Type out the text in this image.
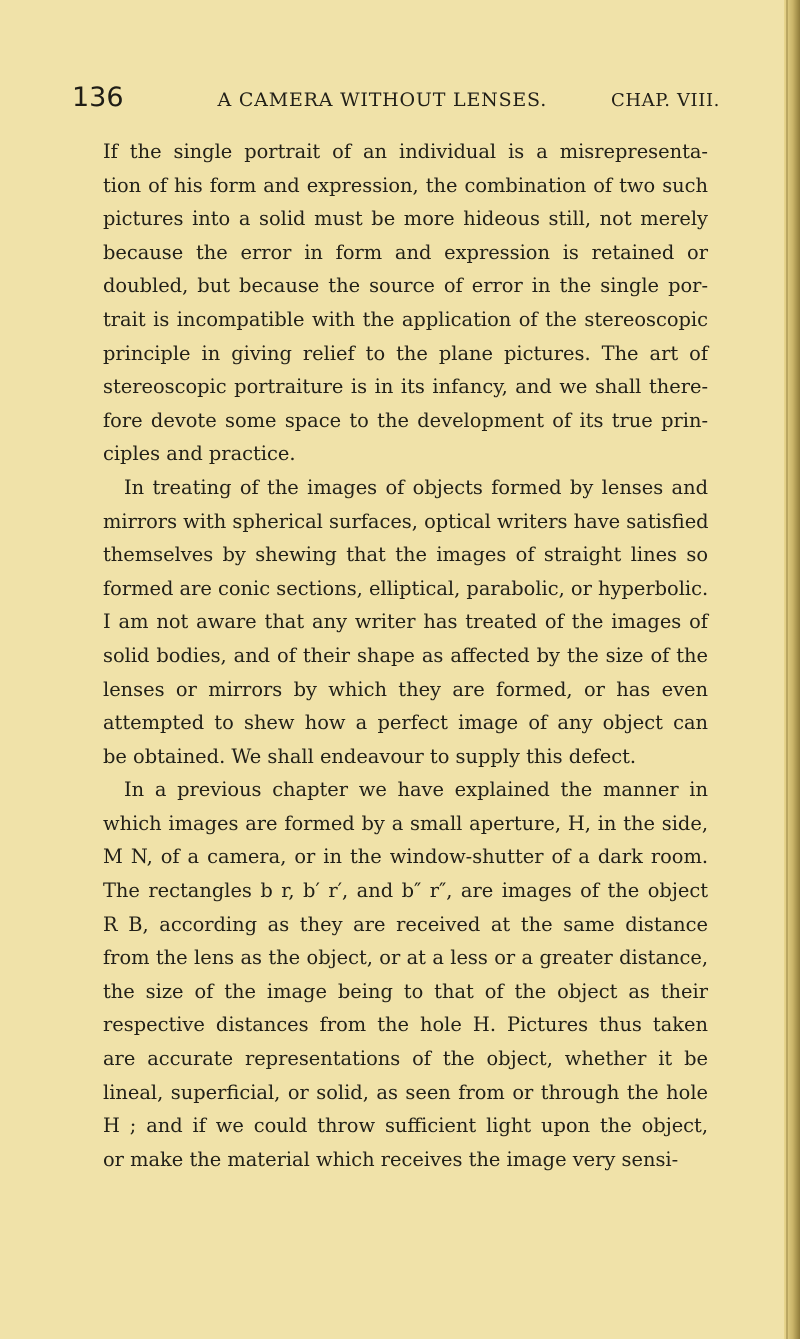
136	A CAMERA WITHOUT LENSES.	CHAP. VIII.

If the single portrait of an individual is a misrepresenta-
tion of his form and expression, the combination of two such
pictures into a solid must be more hideous still, not merely
because the error in form and expression is retained or
doubled, but because the source of error in the single por-
trait is incompatible with the application of the stereoscopic
principle in giving relief to the plane pictures. The art of
stereoscopic portraiture is in its infancy, and we shall there-
fore devote some space to the development of its true prin-
ciples and practice.

In treating of the images of objects formed by lenses and
mirrors with spherical surfaces, optical writers have satisfied
themselves by shewing that the images of straight lines so
formed are conic sections, elliptical, parabolic, or hyperbolic.
I am not aware that any writer has treated of the images of
solid bodies, and of their shape as affected by the size of the
lenses or mirrors by which they are formed, or has even
attempted to shew how a perfect image of any object can
be obtained. We shall endeavour to supply this defect.

In a previous chapter we have explained the manner in
which images are formed by a small aperture, H, in the side,
M N, of a camera, or in the window-shutter of a dark room.
The rectangles b r, b′ r′, and b″ r″, are images of the object
R B, according as they are received at the same distance
from the lens as the object, or at a less or a greater distance,
the size of the image being to that of the object as their
respective distances from the hole H. Pictures thus taken
are accurate representations of the object, whether it be
lineal, superficial, or solid, as seen from or through the hole
H ; and if we could throw sufficient light upon the object,
or make the material which receives the image very sensi-
